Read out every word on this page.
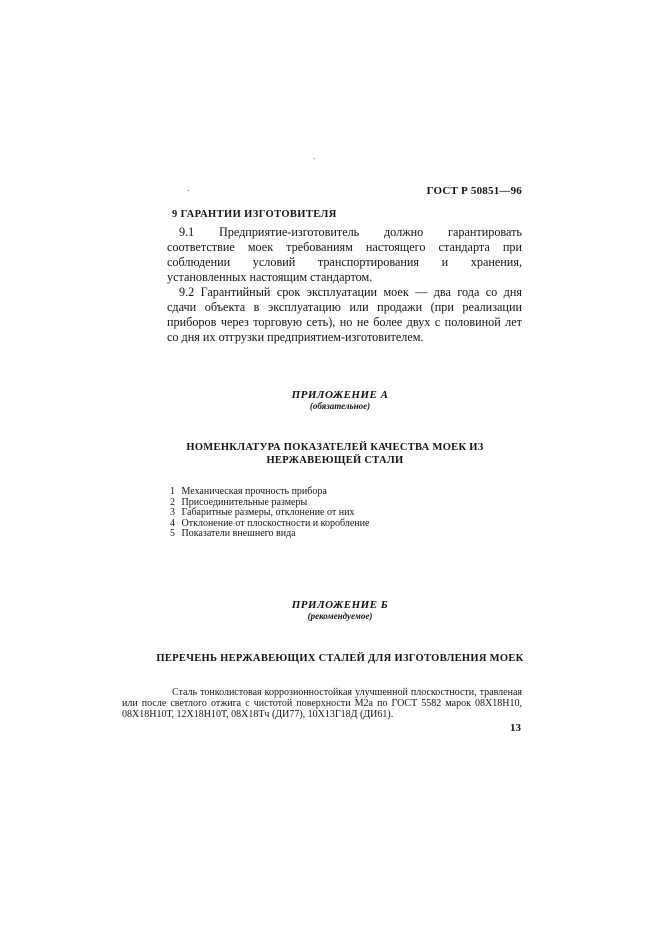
ГОСТ Р 50851—96
9 ГАРАНТИИ ИЗГОТОВИТЕЛЯ

9.1 Предприятие-изготовитель должно гарантировать соответствие моек требованиям настоящего стандарта при соблюдении условий транспортирования и хранения, установленных настоящим стандартом.

9.2 Гарантийный срок эксплуатации моек — два года со дня сдачи объекта в эксплуатацию или продажи (при реализации приборов через торговую сеть), но не более двух с половиной лет со дня их отгрузки предприятием-изготовителем.

ПРИЛОЖЕНИЕ А
(обязательное)
НОМЕНКЛАТУРА ПОКАЗАТЕЛЕЙ КАЧЕСТВА МОЕК ИЗ НЕРЖАВЕЮЩЕЙ СТАЛИ
1 Механическая прочность прибора
2 Присоединительные размеры
3 Габаритные размеры, отклонение от них
4 Отклонение от плоскостности и коробление
5 Показатели внешнего вида
ПРИЛОЖЕНИЕ Б
(рекомендуемое)
ПЕРЕЧЕНЬ НЕРЖАВЕЮЩИХ СТАЛЕЙ ДЛЯ ИЗГОТОВЛЕНИЯ МОЕК

Сталь тонколистовая коррозионностойкая улучшенной плоскостности, травленая или после светлого отжига с чистотой поверхности М2а по ГОСТ 5582 марок 08Х18Н10, 08Х18Н10Т, 12Х18Н10Т, 08Х18Тч (ДИ77), 10Х13Г18Д (ДИ61).

13
